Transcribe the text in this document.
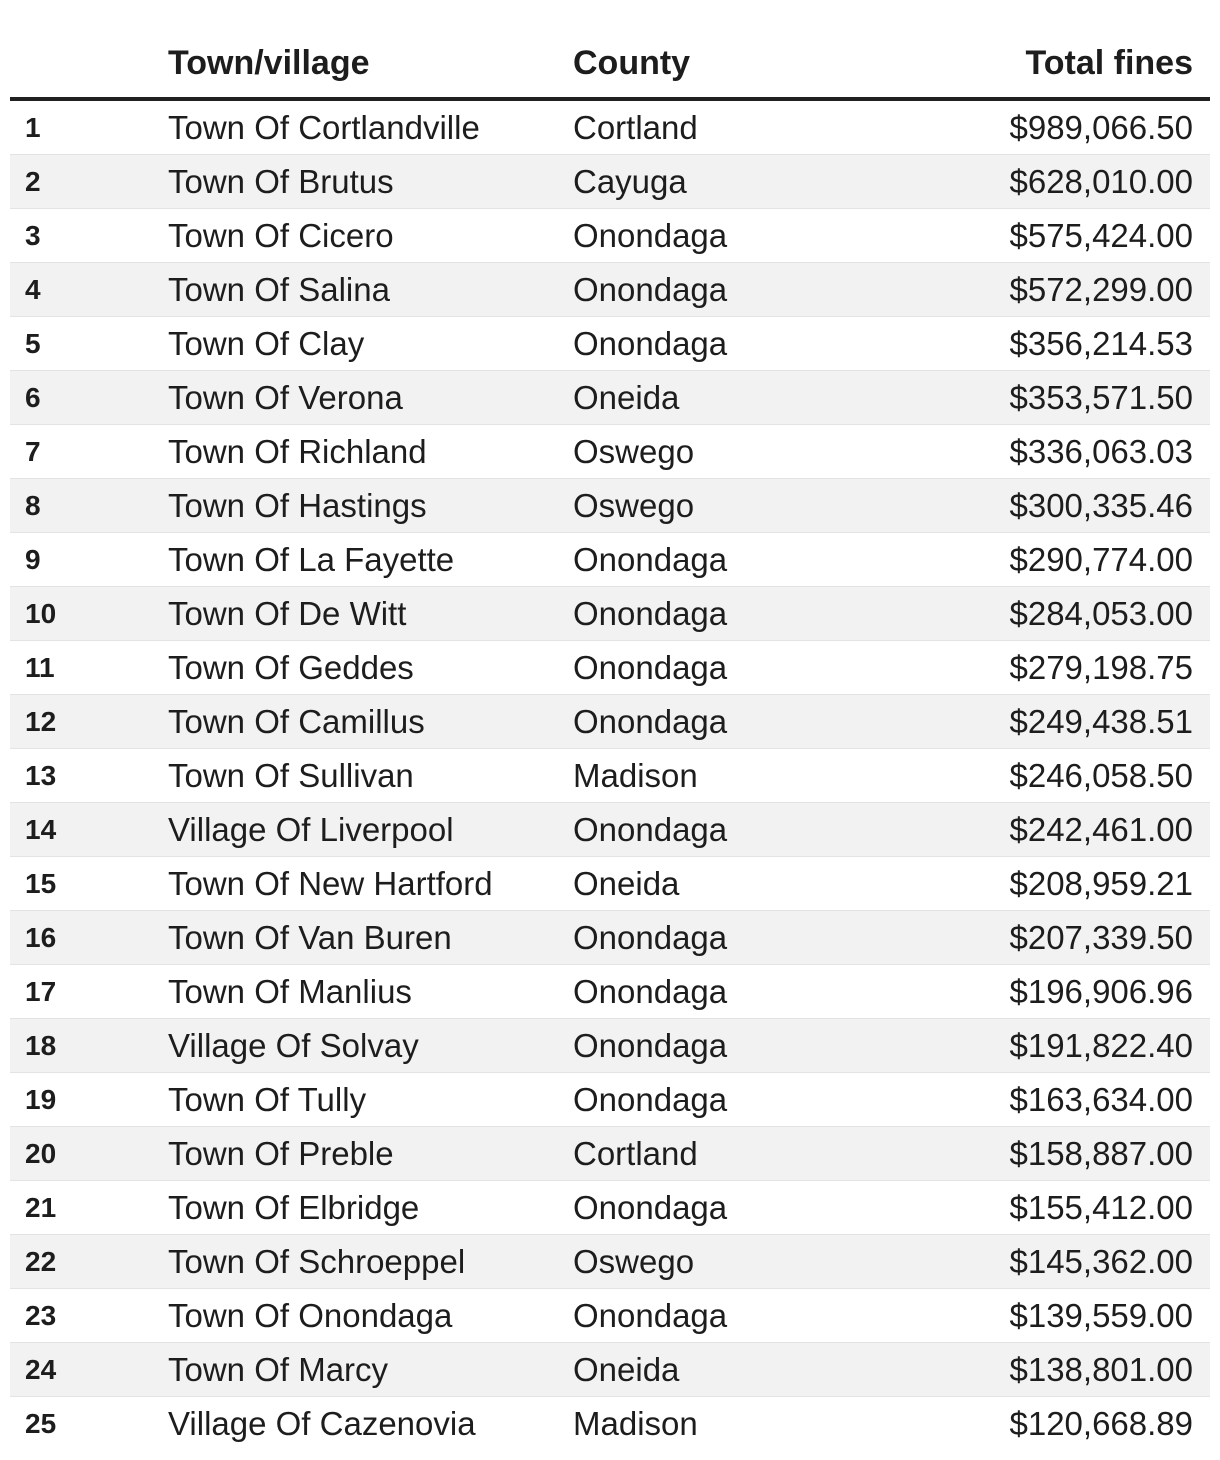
	Town/village	County	Total fines
1	Town Of Cortlandville	Cortland	$989,066.50
2	Town Of Brutus	Cayuga	$628,010.00
3	Town Of Cicero	Onondaga	$575,424.00
4	Town Of Salina	Onondaga	$572,299.00
5	Town Of Clay	Onondaga	$356,214.53
6	Town Of Verona	Oneida	$353,571.50
7	Town Of Richland	Oswego	$336,063.03
8	Town Of Hastings	Oswego	$300,335.46
9	Town Of La Fayette	Onondaga	$290,774.00
10	Town Of De Witt	Onondaga	$284,053.00
11	Town Of Geddes	Onondaga	$279,198.75
12	Town Of Camillus	Onondaga	$249,438.51
13	Town Of Sullivan	Madison	$246,058.50
14	Village Of Liverpool	Onondaga	$242,461.00
15	Town Of New Hartford	Oneida	$208,959.21
16	Town Of Van Buren	Onondaga	$207,339.50
17	Town Of Manlius	Onondaga	$196,906.96
18	Village Of Solvay	Onondaga	$191,822.40
19	Town Of Tully	Onondaga	$163,634.00
20	Town Of Preble	Cortland	$158,887.00
21	Town Of Elbridge	Onondaga	$155,412.00
22	Town Of Schroeppel	Oswego	$145,362.00
23	Town Of Onondaga	Onondaga	$139,559.00
24	Town Of Marcy	Oneida	$138,801.00
25	Village Of Cazenovia	Madison	$120,668.89
